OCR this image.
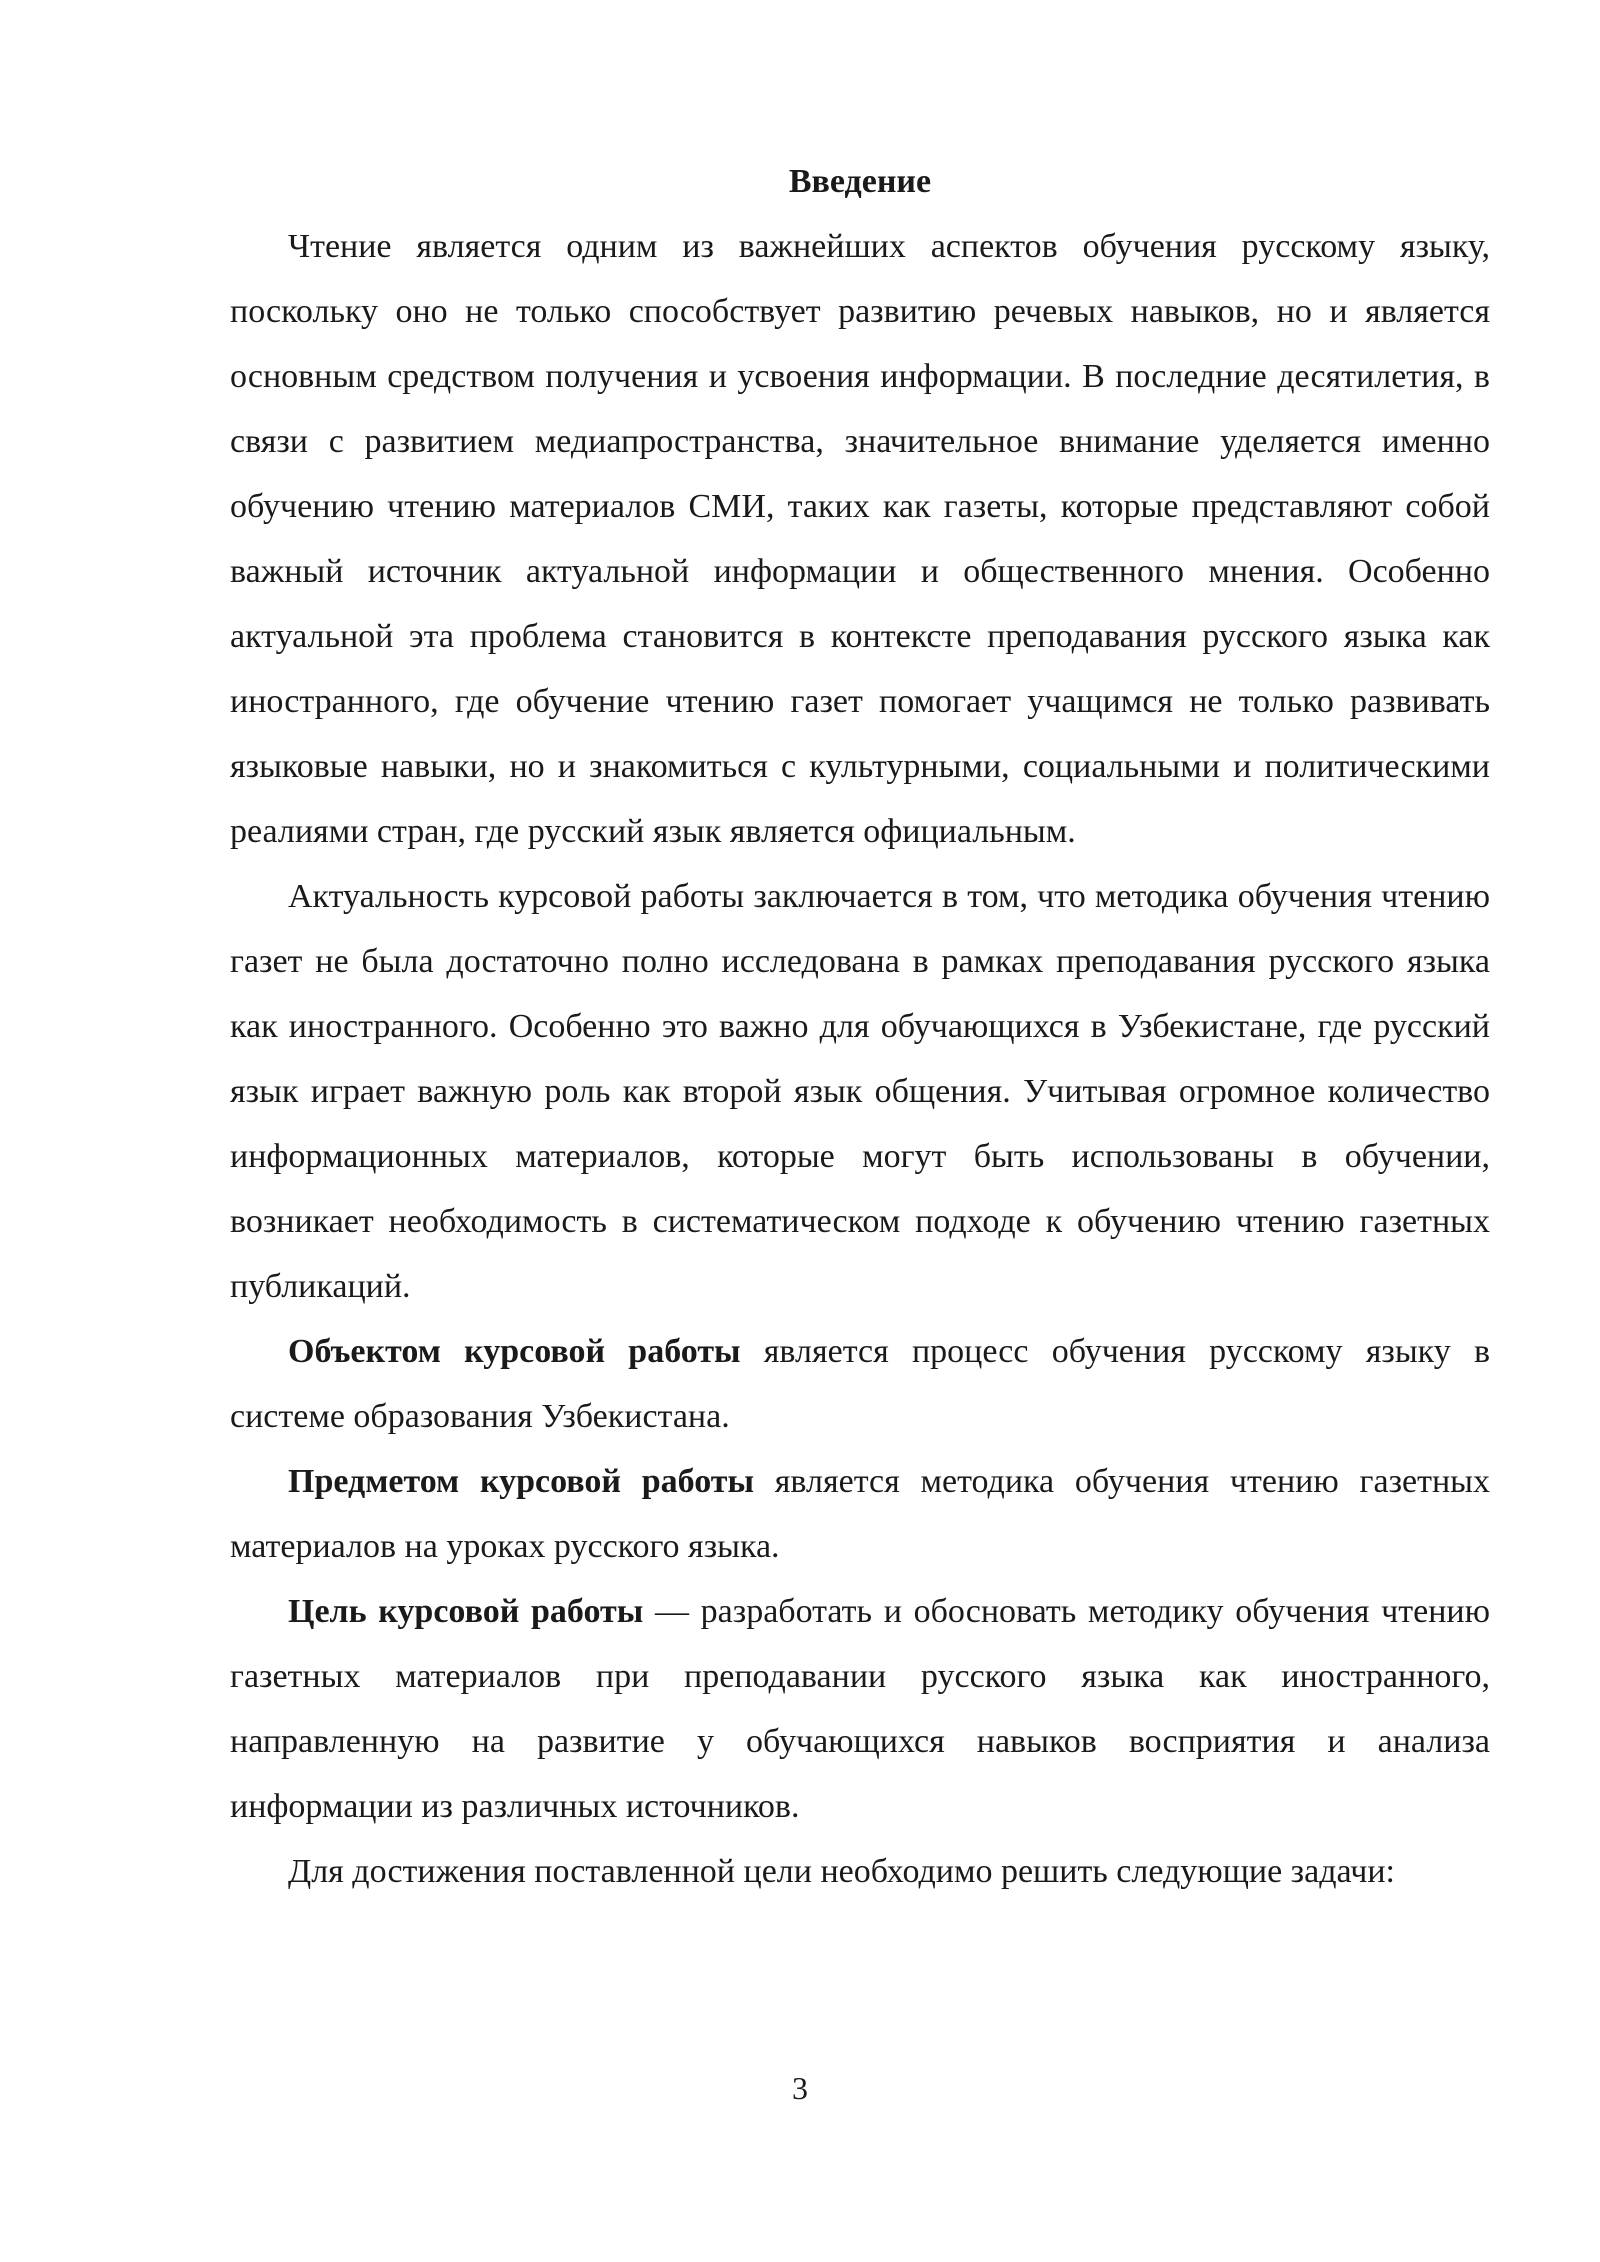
Введение

Чтение является одним из важнейших аспектов обучения русскому языку, поскольку оно не только способствует развитию речевых навыков, но и является основным средством получения и усвоения информации. В последние десятилетия, в связи с развитием медиапространства, значительное внимание уделяется именно обучению чтению материалов СМИ, таких как газеты, которые представляют собой важный источник актуальной информации и общественного мнения. Особенно актуальной эта проблема становится в контексте преподавания русского языка как иностранного, где обучение чтению газет помогает учащимся не только развивать языковые навыки, но и знакомиться с культурными, социальными и политическими реалиями стран, где русский язык является официальным.

Актуальность курсовой работы заключается в том, что методика обучения чтению газет не была достаточно полно исследована в рамках преподавания русского языка как иностранного. Особенно это важно для обучающихся в Узбекистане, где русский язык играет важную роль как второй язык общения. Учитывая огромное количество информационных материалов, которые могут быть использованы в обучении, возникает необходимость в систематическом подходе к обучению чтению газетных публикаций.

Объектом курсовой работы является процесс обучения русскому языку в системе образования Узбекистана.

Предметом курсовой работы является методика обучения чтению газетных материалов на уроках русского языка.

Цель курсовой работы — разработать и обосновать методику обучения чтению газетных материалов при преподавании русского языка как иностранного, направленную на развитие у обучающихся навыков восприятия и анализа информации из различных источников.

Для достижения поставленной цели необходимо решить следующие задачи:

3
